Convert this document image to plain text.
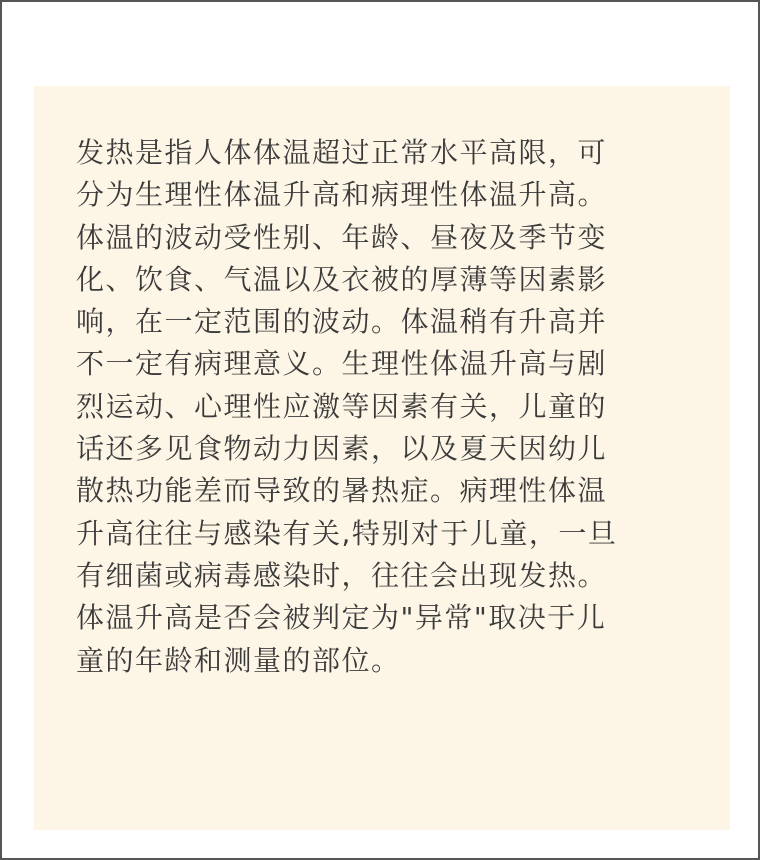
发热是指人体体温超过正常水平高限，可
分为生理性体温升高和病理性体温升高。
体温的波动受性别、年龄、昼夜及季节变
化、饮食、气温以及衣被的厚薄等因素影
响，在一定范围的波动。体温稍有升高并
不一定有病理意义。生理性体温升高与剧
烈运动、心理性应激等因素有关，儿童的
话还多见食物动力因素，以及夏天因幼儿
散热功能差而导致的暑热症。病理性体温
升高往往与感染有关,特别对于儿童，一旦
有细菌或病毒感染时，往往会出现发热。
体温升高是否会被判定为"异常"取决于儿
童的年龄和测量的部位。
